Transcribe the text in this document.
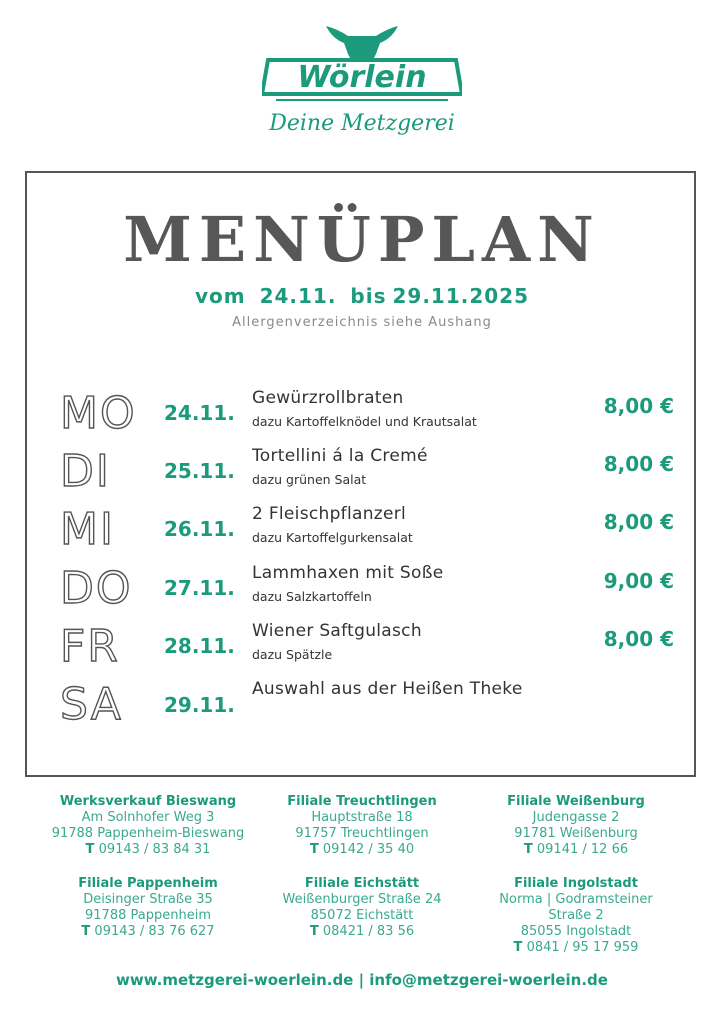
Wörlein
Deine Metzgerei
MENÜPLAN
vom 24.11. bis 29.11.2025
Allergenverzeichnis siehe Aushang
MO 24.11.
Gewürzrollbraten
dazu Kartoffelknödel und Krautsalat
8,00 €
DI	25.11.
Tortellini á la Cremé
dazu grünen Salat
8,00 €
MI 26.11.
2 Fleischpflanzerl
dazu Kartoffelgurkensalat
8,00 €
DO 27.11.
Lammhaxen mit Soße
dazu Salzkartoffeln
9,00 €
FR 28.11.
Wiener Saftgulasch
dazu Spätzle
8,00 €
SA 29.11.
Auswahl aus der Heißen Theke
Werksverkauf Bieswang
Am Solnhofer Weg 3
91788 Pappenheim-Bieswang
T 09143 / 83 84 31
Filiale Treuchtlingen
Hauptstraße 18
91757 Treuchtlingen
T 09142 / 35 40
Filiale Weißenburg
Judengasse 2
91781 Weißenburg
T 09141 / 12 66
Filiale Pappenheim
Deisinger Straße 35
91788 Pappenheim
T 09143 / 83 76 627
Filiale Eichstätt
Weißenburger Straße 24
85072 Eichstätt
T 08421 / 83 56
Filiale Ingolstadt
Norma | Godramsteiner
Straße 2
85055 Ingolstadt
T 0841 / 95 17 959
www.metzgerei-woerlein.de | info@metzgerei-woerlein.de
